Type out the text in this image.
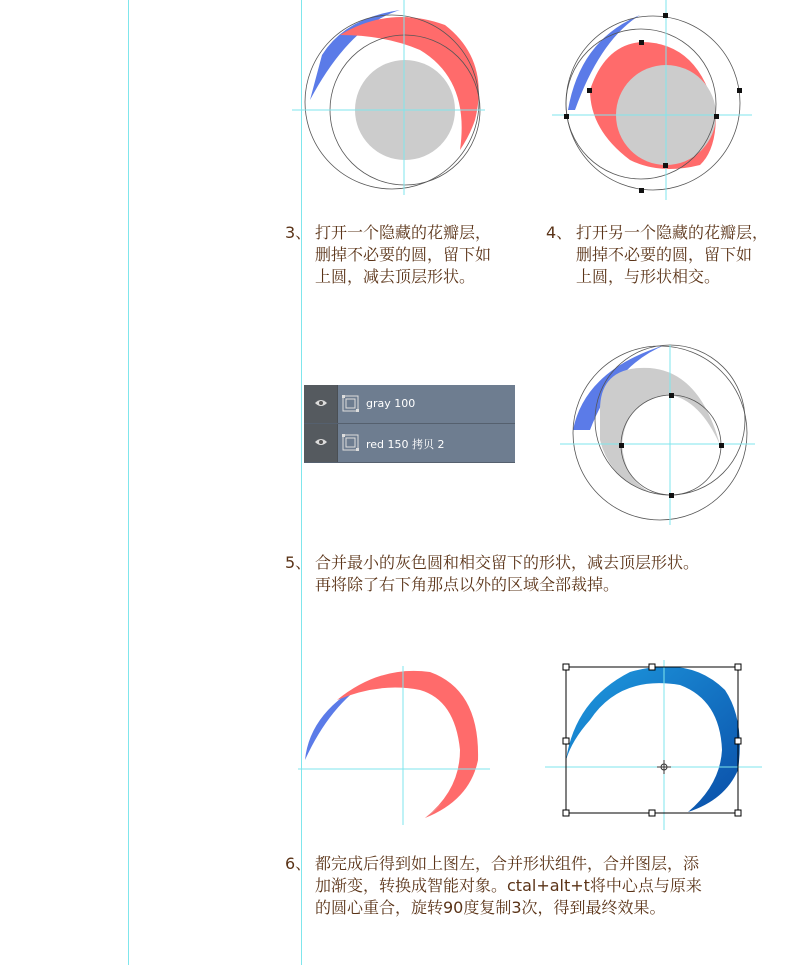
3、 打开一个隐藏的花瓣层，
删掉不必要的圆，留下如
上圆，减去顶层形状。
4、 打开另一个隐藏的花瓣层，
删掉不必要的圆，留下如
上圆，与形状相交。
gray 100
red 150 拷贝 2
5、 合并最小的灰色圆和相交留下的形状，减去顶层形状。
再将除了右下角那点以外的区域全部裁掉。
6、 都完成后得到如上图左，合并形状组件，合并图层，添
加渐变，转换成智能对象。ctal+alt+t将中心点与原来
的圆心重合，旋转90度复制3次，得到最终效果。
